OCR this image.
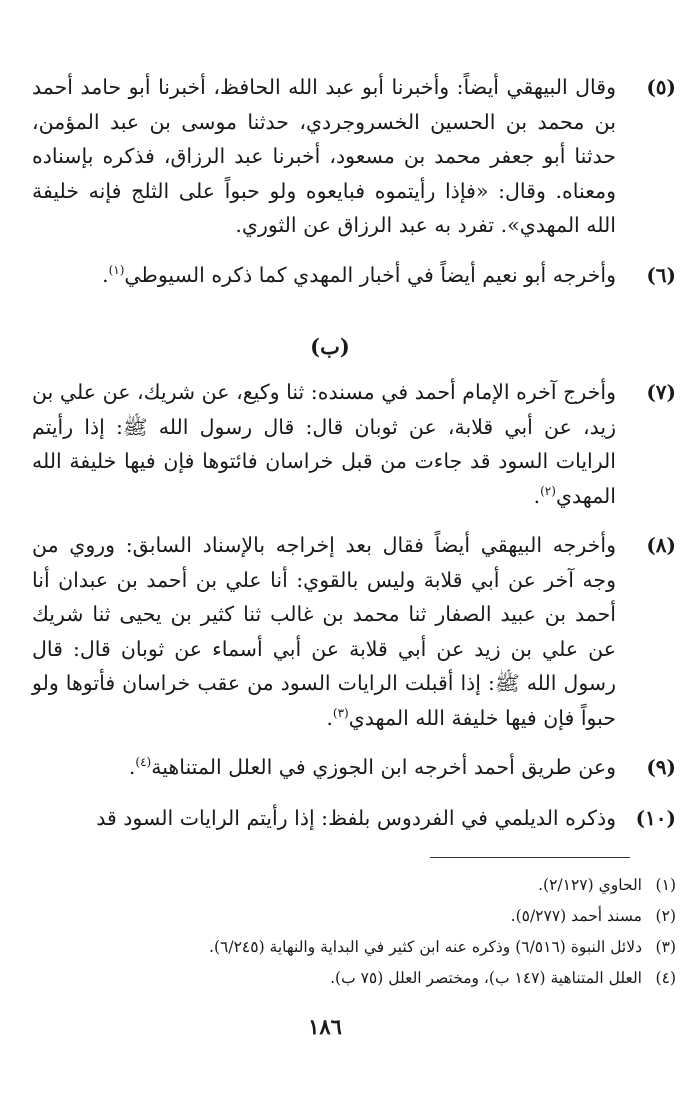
(٥)
وقال البيهقي أيضاً: وأخبرنا أبو عبد الله الحافظ، أخبرنا أبو حامد أحمد بن محمد بن الحسين الخسروجردي، حدثنا موسى بن عبد المؤمن، حدثنا أبو جعفر محمد بن مسعود، أخبرنا عبد الرزاق، فذكره بإسناده ومعناه. وقال: «فإذا رأيتموه فبايعوه ولو حبواً على الثلج فإنه خليفة الله المهدي». تفرد به عبد الرزاق عن الثوري.
(٦)
وأخرجه أبو نعيم أيضاً في أخبار المهدي كما ذكره السيوطي$^{(١)}$.
(ب)
(٧)
وأخرج آخره الإمام أحمد في مسنده: ثنا وكيع، عن شريك، عن علي بن زيد، عن أبي قلابة، عن ثوبان قال: قال رسول الله ﷺ: إذا رأيتم الرايات السود قد جاءت من قبل خراسان فائتوها فإن فيها خليفة الله المهدي$^{(٢)}$.
(٨)
وأخرجه البيهقي أيضاً فقال بعد إخراجه بالإسناد السابق: وروي من وجه آخر عن أبي قلابة وليس بالقوي: أنا علي بن أحمد بن عبدان أنا أحمد بن عبيد الصفار ثنا محمد بن غالب ثنا كثير بن يحيى ثنا شريك عن علي بن زيد عن أبي قلابة عن أبي أسماء عن ثوبان قال: قال رسول الله ﷺ: إذا أقبلت الرايات السود من عقب خراسان فأتوها ولو حبواً فإن فيها خليفة الله المهدي$^{(٣)}$.
(٩)
وعن طريق أحمد أخرجه ابن الجوزي في العلل المتناهية$^{(٤)}$.
(١٠)
وذكره الديلمي في الفردوس بلفظ: إذا رأيتم الرايات السود قد
(١)الحاوي (٢/١٢٧).
(٢)مسند أحمد (٥/٢٧٧).
(٣)دلائل النبوة (٦/٥١٦) وذكره عنه ابن كثير في البداية والنهاية (٦/٢٤٥).
(٤)العلل المتناهية (١٤٧ ب)، ومختصر العلل (٧٥ ب).
١٨٦
